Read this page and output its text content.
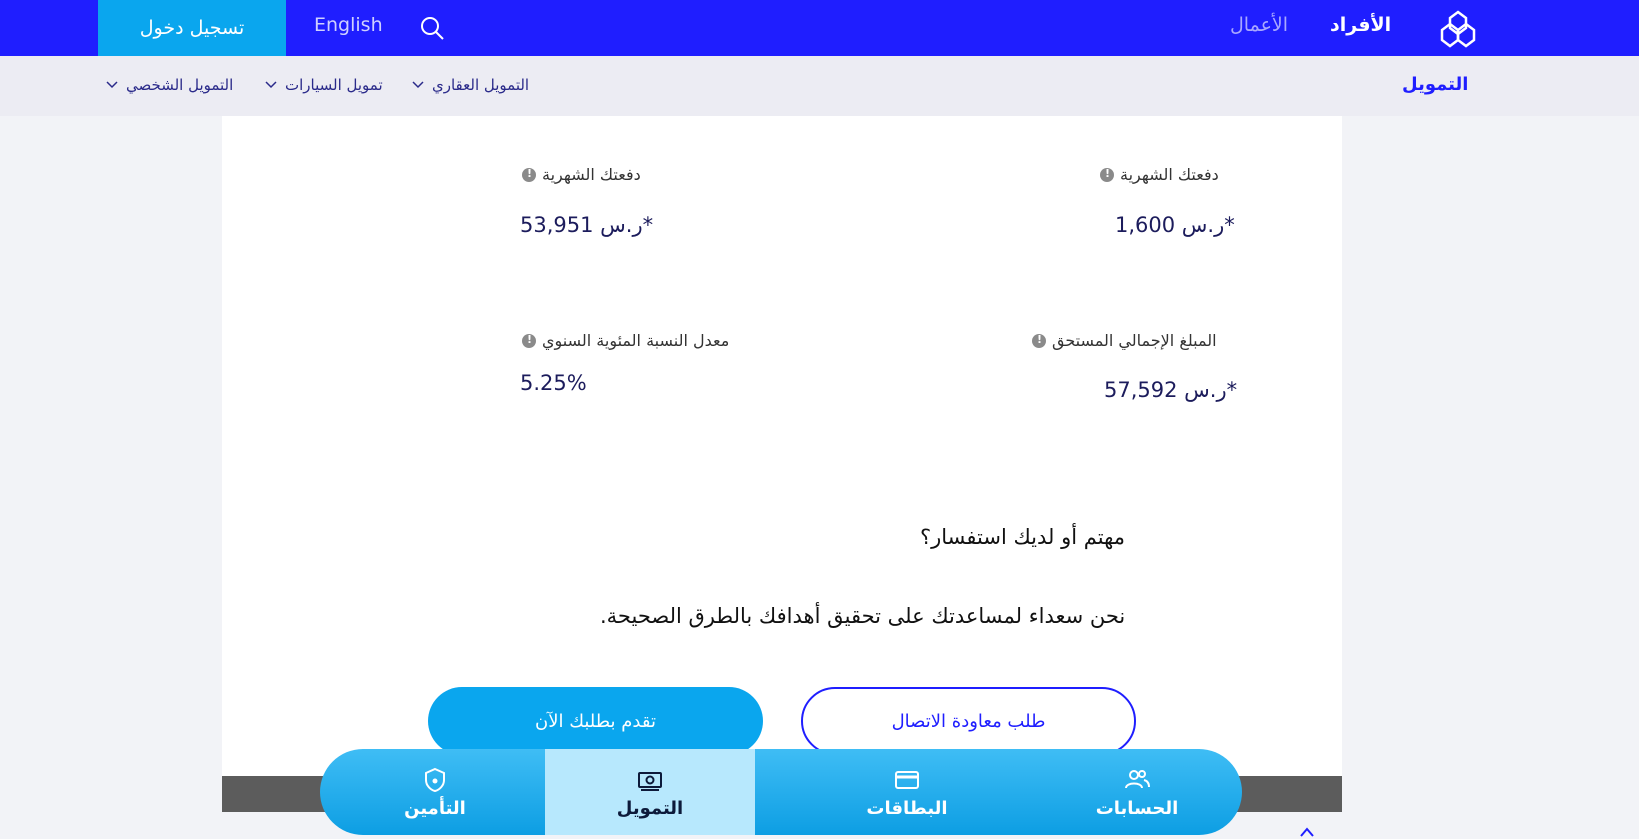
الأفراد
الأعمال
English
تسجيل دخول
التمويل
التمويل العقاري
تمويل السيارات
التمويل الشخصي
دفعتك الشهرية
!
ر.س 1,600*
دفعتك الشهرية
!
ر.س 53,951*
المبلغ الإجمالي المستحق
!
ر.س 57,592*
معدل النسبة المئوية السنوي
!
5.25%
مهتم أو لديك استفسار؟
نحن سعداء لمساعدتك على تحقيق أهدافك بالطرق الصحيحة.
تقدم بطلبك الآن	طلب معاودة الاتصال
الحسابات
البطاقات
التمويل
التأمين
